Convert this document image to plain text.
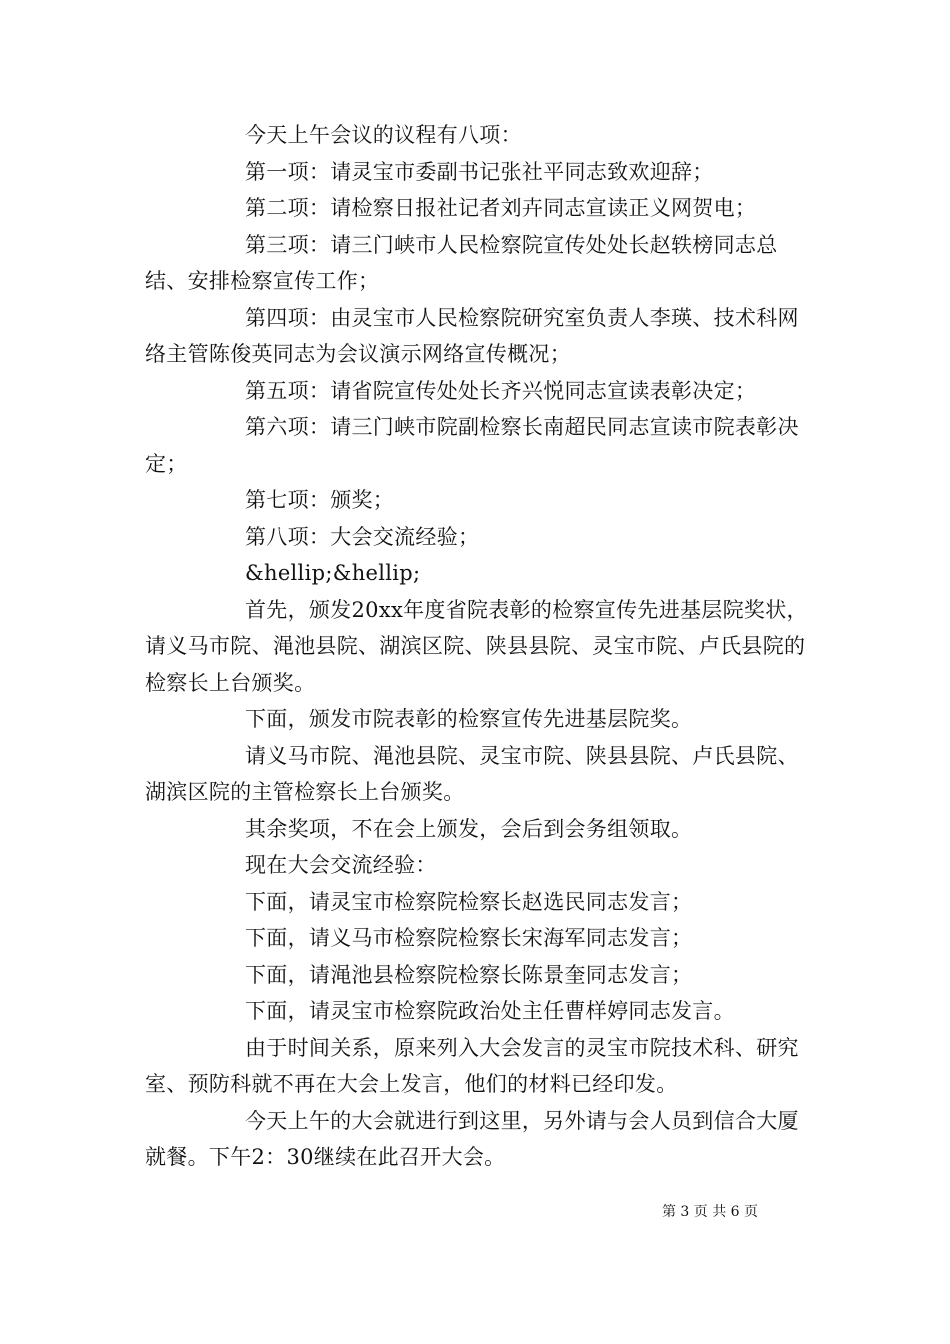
今天上午会议的议程有八项：

第一项：请灵宝市委副书记张社平同志致欢迎辞；

第二项：请检察日报社记者刘卉同志宣读正义网贺电；

第三项：请三门峡市人民检察院宣传处处长赵轶榜同志总结、安排检察宣传工作；

第四项：由灵宝市人民检察院研究室负责人李瑛、技术科网络主管陈俊英同志为会议演示网络宣传概况；

第五项：请省院宣传处处长齐兴悦同志宣读表彰决定；

第六项：请三门峡市院副检察长南超民同志宣读市院表彰决定；

第七项：颁奖；

第八项：大会交流经验；

&hellip;&hellip;

首先，颁发20xx年度省院表彰的检察宣传先进基层院奖状，请义马市院、渑池县院、湖滨区院、陕县县院、灵宝市院、卢氏县院的检察长上台颁奖。

下面，颁发市院表彰的检察宣传先进基层院奖。

请义马市院、渑池县院、灵宝市院、陕县县院、卢氏县院、湖滨区院的主管检察长上台颁奖。

其余奖项，不在会上颁发，会后到会务组领取。

现在大会交流经验：

下面，请灵宝市检察院检察长赵选民同志发言；

下面，请义马市检察院检察长宋海军同志发言；

下面，请渑池县检察院检察长陈景奎同志发言；

下面，请灵宝市检察院政治处主任曹样婷同志发言。

由于时间关系，原来列入大会发言的灵宝市院技术科、研究室、预防科就不再在大会上发言，他们的材料已经印发。

今天上午的大会就进行到这里，另外请与会人员到信合大厦就餐。下午2：30继续在此召开大会。

第 3 页 共 6 页
